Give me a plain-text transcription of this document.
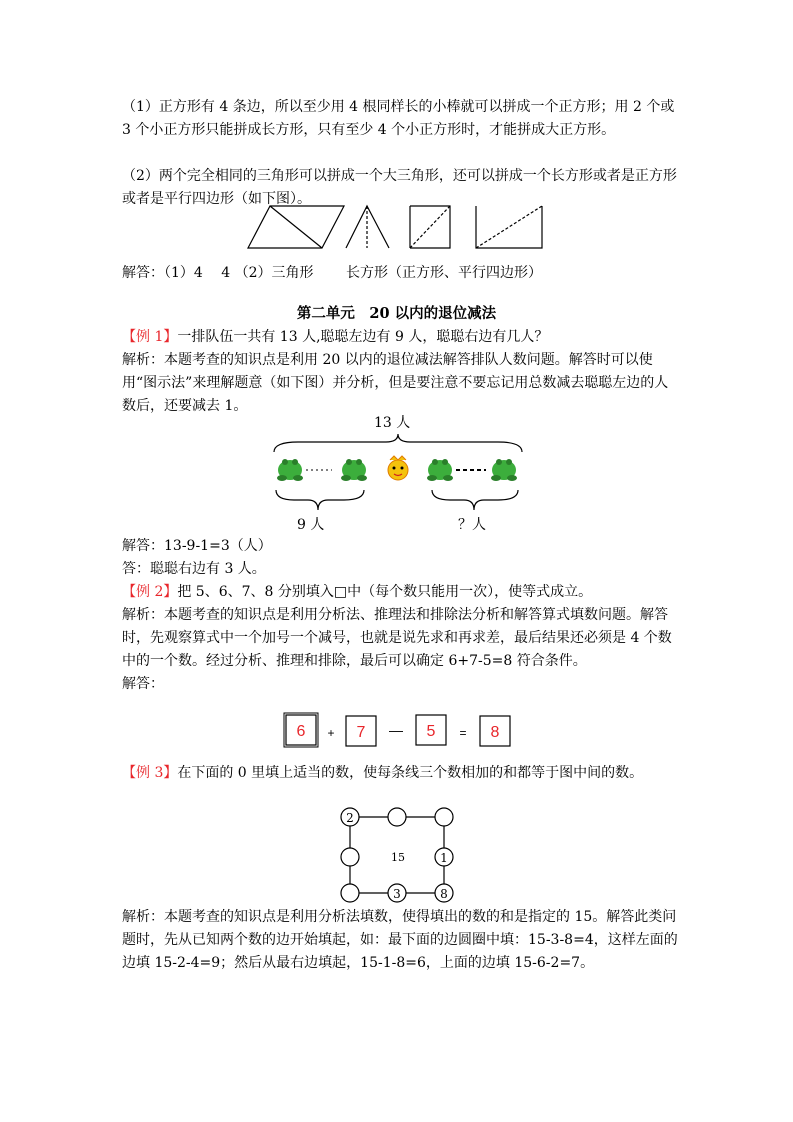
（1）正方形有 4 条边，所以至少用 4 根同样长的小棒就可以拼成一个正方形；用 2 个或 3 个小正方形只能拼成长方形，只有至少 4 个小正方形时，才能拼成大正方形。

（2）两个完全相同的三角形可以拼成一个大三角形，还可以拼成一个长方形或者是正方形或者是平行四边形（如下图）。

解答：（1）4　 4 （2）三角形　　 长方形（正方形、平行四边形）

第二单元　20 以内的退位减法

【例 1】一排队伍一共有 13 人,聪聪左边有 9 人，聪聪右边有几人？

解析：本题考查的知识点是利用 20 以内的退位减法解答排队人数问题。解答时可以使用“图示法”来理解题意（如下图）并分析，但是要注意不要忘记用总数减去聪聪左边的人数后，还要减去 1。

13 人
9 人	？人

解答：13-9-1=3（人）

答：聪聪右边有 3 人。

【例 2】把 5、6、7、8 分别填入□中（每个数只能用一次），使等式成立。

解析：本题考查的知识点是利用分析法、推理法和排除法分析和解答算式填数问题。解答时，先观察算式中一个加号一个减号，也就是说先求和再求差，最后结果还必须是 4 个数中的一个数。经过分析、推理和排除，最后可以确定 6+7-5=8 符合条件。

解答：

6 + 7 — 5 = 8

【例 3】在下面的 0 里填上适当的数，使每条线三个数相加的和都等于图中间的数。

2
1
3	8
15

解析：本题考查的知识点是利用分析法填数，使得填出的数的和是指定的 15。解答此类问题时，先从已知两个数的边开始填起，如：最下面的边圆圈中填：15-3-8=4，这样左面的边填 15-2-4=9；然后从最右边填起，15-1-8=6，上面的边填 15-6-2=7。
